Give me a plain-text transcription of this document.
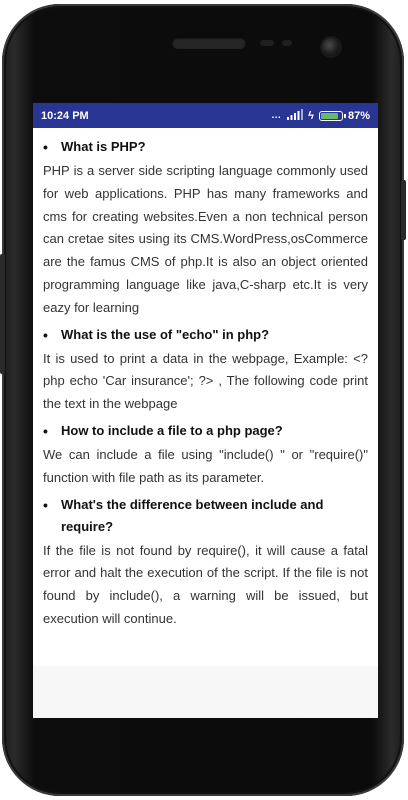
10:24 PM	… ϟ	87%
•	What is PHP?

PHP is a server side scripting language commonly used for web applications. PHP has many frameworks and cms for creating websites.Even a non technical person can cretae sites using its CMS.WordPress,osCommerce are the famus CMS of php.It is also an object oriented programming language like java,C-sharp etc.It is very eazy for learning

•	What is the use of "echo" in php?

It is used to print a data in the webpage, Example: <?php echo 'Car insurance'; ?> , The following code print the text in the webpage

•	How to include a file to a php page?

We can include a file using "include() " or "require()" function with file path as its parameter.

•	What's the difference between include and require?

If the file is not found by require(), it will cause a fatal error and halt the execution of the script. If the file is not found by include(), a warning will be issued, but execution will continue.
